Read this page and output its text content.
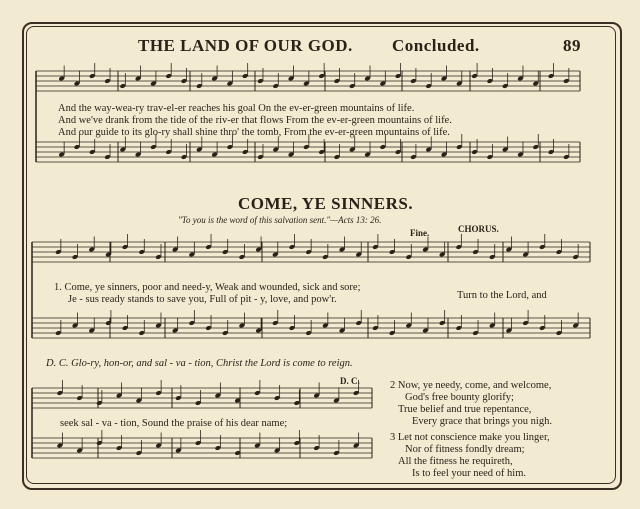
THE LAND OF OUR GOD. Concluded.	89
And the way-wea-ry trav-el-er reaches his goal On the ev-er-green mountains of life.
And we've drank from the tide of the riv-er that flows From the ev-er-green mountains of life.
And our guide to its glo-ry shall shine thro' the tomb, From the ev-er-green mountains of life.
COME, YE SINNERS.
"To you is the word of this salvation sent."—Acts 13: 26.
Fine.	CHORUS.
1. Come, ye sinners, poor and need-y, Weak and wounded, sick and sore;
Je - sus ready stands to save you, Full of pit - y, love, and pow'r.	Turn to the Lord, and
D. C. Glo-ry, hon-or, and sal - va - tion, Christ the Lord is come to reign.
D. C.
seek sal - va - tion, Sound the praise of his dear name;
2 Now, ye needy, come, and welcome,
God's free bounty glorify;
True belief and true repentance,
Every grace that brings you nigh.
3 Let not conscience make you linger,
Nor of fitness fondly dream;
All the fitness he requireth,
Is to feel your need of him.
